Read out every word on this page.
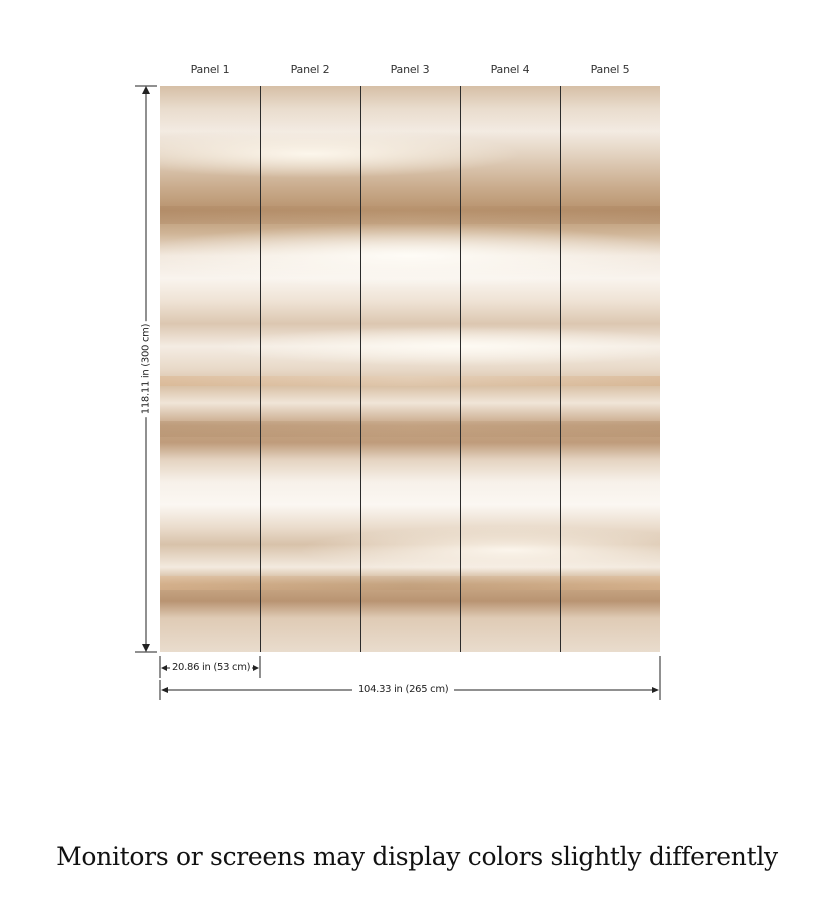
Panel 1	Panel 2	Panel 3	Panel 4	Panel 5
118.11 in (300 cm)
20.86 in (53 cm)
104.33 in (265 cm)
Monitors or screens may display colors slightly differently
